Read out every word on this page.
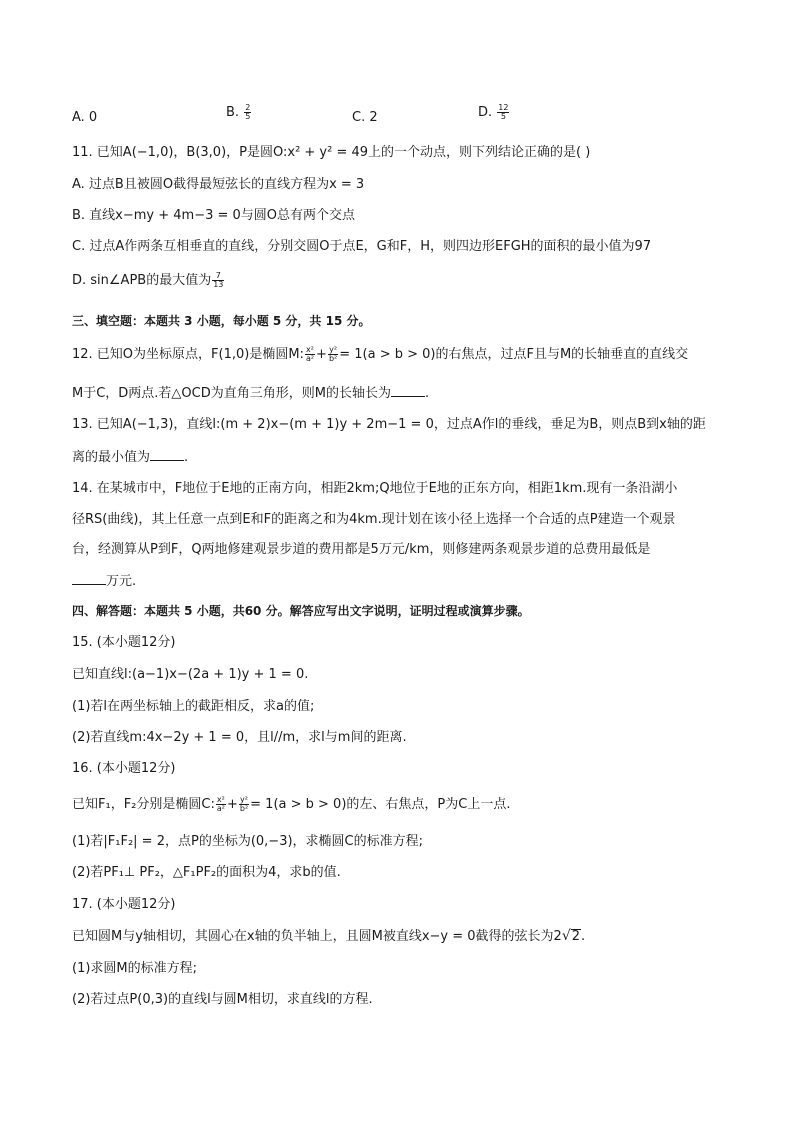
A. 0	B. $\frac{2}{5}$	C. 2	D. $\frac{12}{5}$
11. 已知A(−1,0)，B(3,0)，P是圆O:x² + y² = 49上的一个动点，则下列结论正确的是( )
A. 过点B且被圆O截得最短弦长的直线方程为x = 3
B. 直线x−my + 4m−3 = 0与圆O总有两个交点
C. 过点A作两条互相垂直的直线，分别交圆O于点E，G和F，H，则四边形EFGH的面积的最小值为97
D. sin∠APB的最大值为 $\frac{7}{13}$
三、填空题：本题共 3 小题，每小题 5 分，共 15 分。
12. 已知O为坐标原点，F(1,0)是椭圆M: $\frac{\text{x²}}{\text{a²}} + \frac{\text{y²}}{\text{b²}} = 1(a > b > 0)$的右焦点，过点F且与M的长轴垂直的直线交
M于C，D两点.若△OCD为直角三角形，则M的长轴长为	.
13. 已知A(−1,3)，直线l:(m + 2)x−(m + 1)y + 2m−1 = 0，过点A作l的垂线，垂足为B，则点B到x轴的距
离的最小值为	.
14. 在某城市中，F地位于E地的正南方向，相距2km;Q地位于E地的正东方向，相距1km.现有一条沿湖小
径RS(曲线)，其上任意一点到E和F的距离之和为4km.现计划在该小径上选择一个合适的点P建造一个观景
台，经测算从P到F，Q两地修建观景步道的费用都是5万元/km，则修建两条观景步道的总费用最低是
万元.
四、解答题：本题共 5 小题，共60 分。解答应写出文字说明，证明过程或演算步骤。
15. (本小题12分)
已知直线l:(a−1)x−(2a + 1)y + 1 = 0.
(1)若l在两坐标轴上的截距相反，求a的值;
(2)若直线m:4x−2y + 1 = 0，且l//m，求l与m间的距离.
16. (本小题12分)
已知F₁，F₂分别是椭圆C: $\frac{\text{x²}}{\text{a²}} + \frac{\text{y²}}{\text{b²}} = 1(a > b > 0)$的左、右焦点，P为C上一点.
(1)若|F₁F₂| = 2，点P的坐标为(0,−3)，求椭圆C的标准方程;
(2)若PF₁⊥ PF₂，△F₁PF₂的面积为4，求b的值.
17. (本小题12分)
已知圆M与y轴相切，其圆心在x轴的负半轴上，且圆M被直线x−y = 0截得的弦长为2√2.
(1)求圆M的标准方程;
(2)若过点P(0,3)的直线l与圆M相切，求直线l的方程.
